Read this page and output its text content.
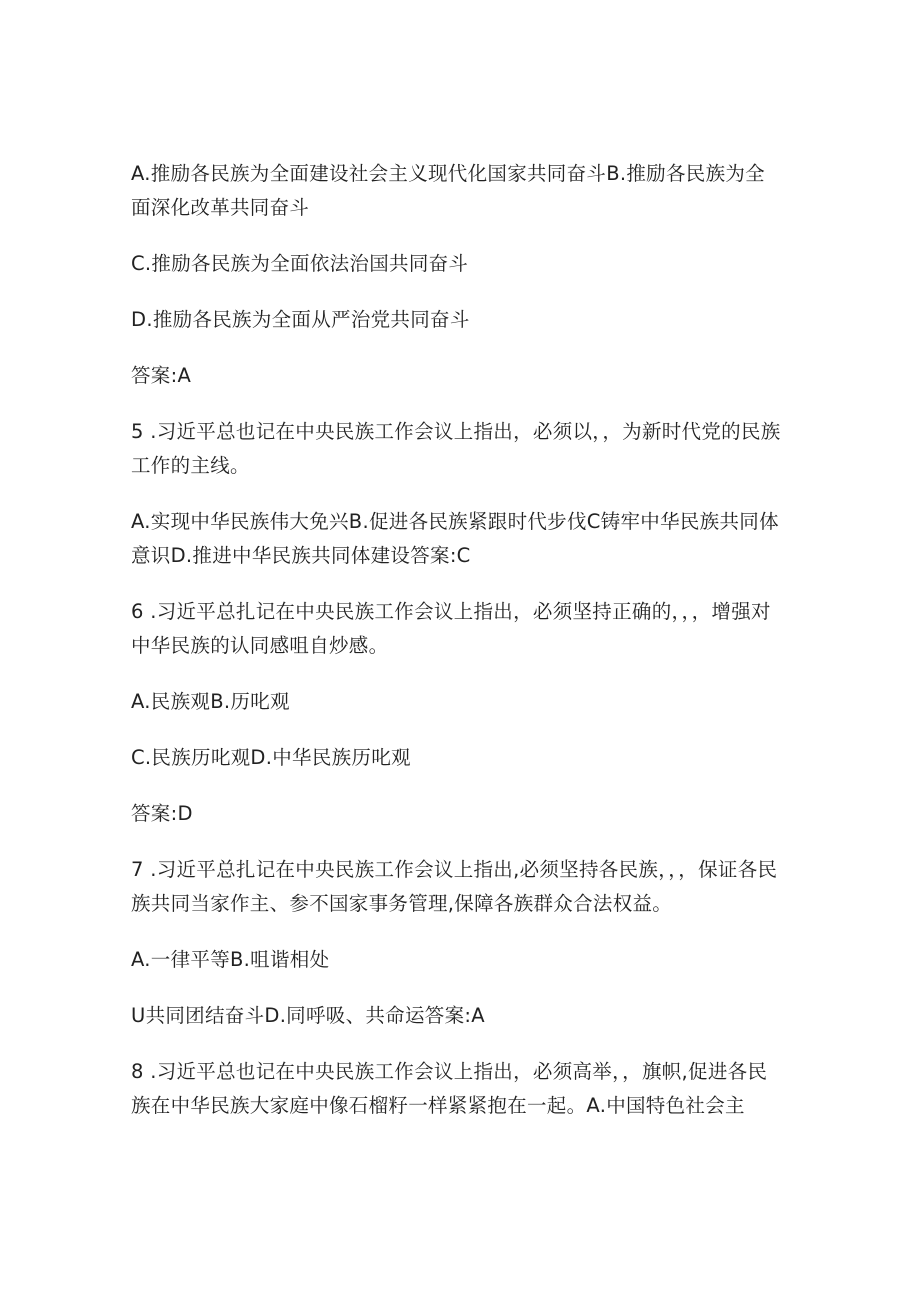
A.推励各民族为全面建设社会主义现代化国家共同奋斗B.推励各民族为全面深化改革共同奋斗

C.推励各民族为全面依法治国共同奋斗

D.推励各民族为全面从严治党共同奋斗

答案:A

5 .习近平总也记在中央民族工作会议上指出，必须以，，为新时代党的民族工作的主线。

A.实现中华民族伟大免兴B.促进各民族紧跟时代步伐C铸牢中华民族共同体意识D.推进中华民族共同体建设答案:C

6 .习近平总扎记在中央民族工作会议上指出，必须坚持正确的，，，增强对中华民族的认同感咀自炒感。

A.民族观B.历叱观

C.民族历叱观D.中华民族历叱观

答案:D

7 .习近平总扎记在中央民族工作会议上指出,必须坚持各民族，，，保证各民族共同当家作主、参不国家事务管理,保障各族群众合法权益。

A.一律平等B.咀谐相处

U共同团结奋斗D.同呼吸、共命运答案:A

8 .习近平总也记在中央民族工作会议上指出，必须高举，，旗帜,促进各民族在中华民族大家庭中像石榴籽一样紧紧抱在一起。A.中国特色社会主
